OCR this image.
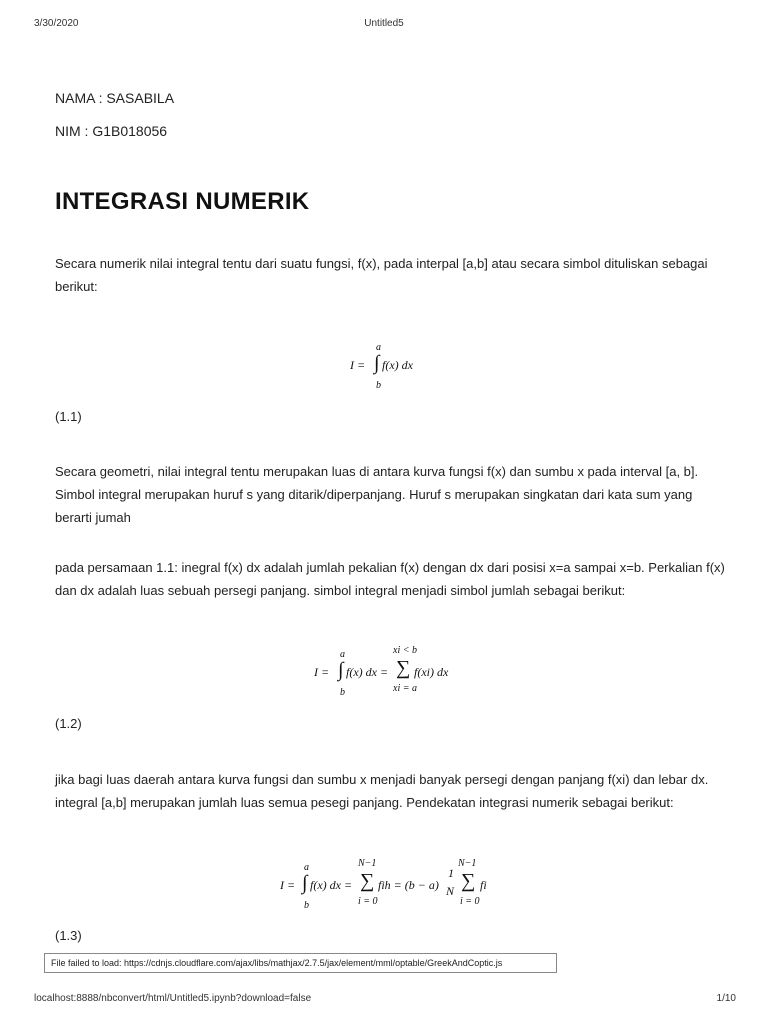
3/30/2020	Untitled5
NAMA : SASABILA
NIM : G1B018056
INTEGRASI NUMERIK
Secara numerik nilai integral tentu dari suatu fungsi, f(x), pada interpal [a,b] atau secara simbol dituliskan sebagai berikut:
I =
a
∫
b
f(x) dx
(1.1)
Secara geometri, nilai integral tentu merupakan luas di antara kurva fungsi f(x) dan sumbu x pada interval [a, b]. Simbol integral merupakan huruf s yang ditarik/diperpanjang. Huruf s merupakan singkatan dari kata sum yang berarti jumah
pada persamaan 1.1: inegral f(x) dx adalah jumlah pekalian f(x) dengan dx dari posisi x=a sampai x=b. Perkalian f(x) dan dx adalah luas sebuah persegi panjang. simbol integral menjadi simbol jumlah sebagai berikut:
I =
a
∫
b
f(x) dx =
xi < b
∑
xi = a
f(xi) dx
(1.2)
jika bagi luas daerah antara kurva fungsi dan sumbu x menjadi banyak persegi dengan panjang f(xi) dan lebar dx. integral [a,b] merupakan jumlah luas semua pesegi panjang. Pendekatan integrasi numerik sebagai berikut:
I =
a
∫
b
f(x) dx =
N−1
∑
i = 0
fih = (b − a)
1
N
N−1
∑
i = 0
fi
(1.3)
File failed to load: https://cdnjs.cloudflare.com/ajax/libs/mathjax/2.7.5/jax/element/mml/optable/GreekAndCoptic.js
localhost:8888/nbconvert/html/Untitled5.ipynb?download=false	1/10
